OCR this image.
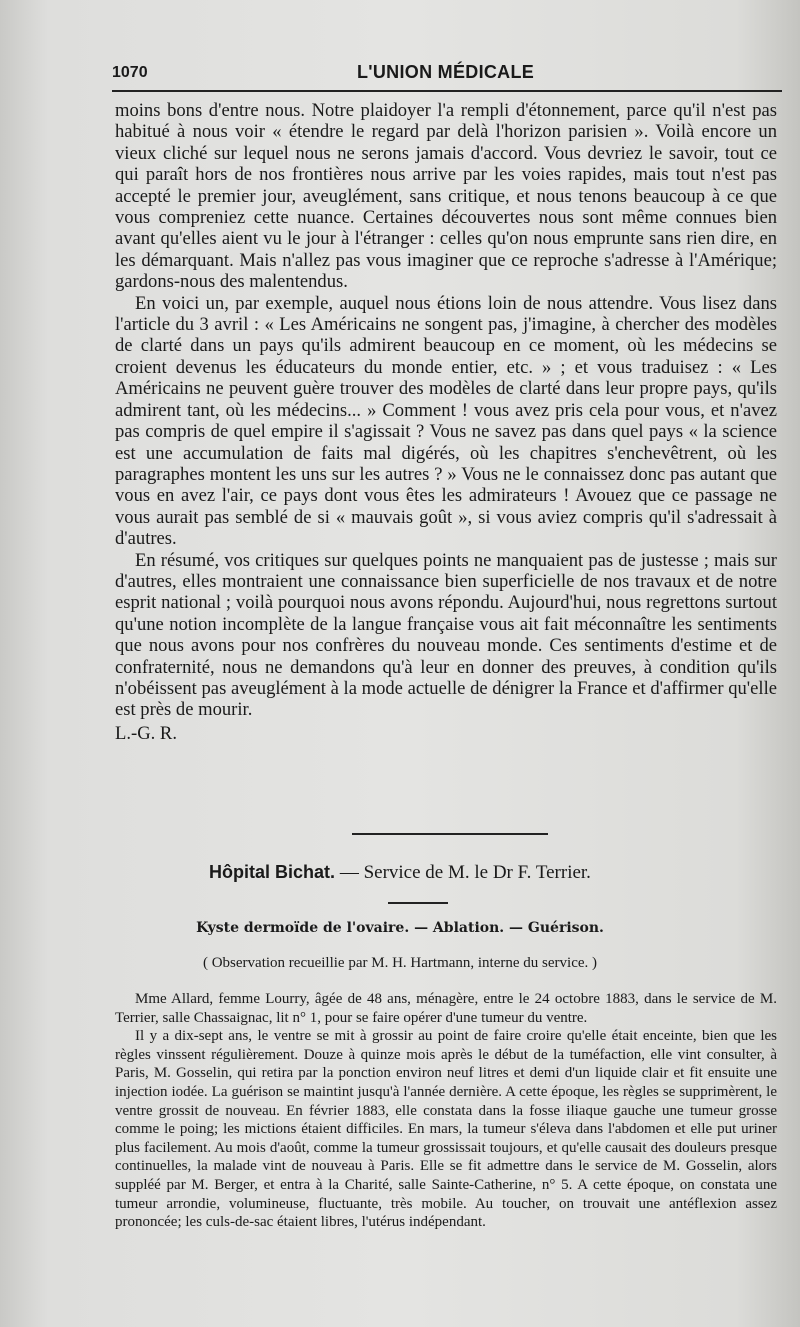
1070	L'UNION MÉDICALE

moins bons d'entre nous. Notre plaidoyer l'a rempli d'étonnement, parce qu'il n'est pas habitué à nous voir « étendre le regard par delà l'horizon parisien ». Voilà encore un vieux cliché sur lequel nous ne serons jamais d'accord. Vous devriez le savoir, tout ce qui paraît hors de nos frontières nous arrive par les voies rapides, mais tout n'est pas accepté le premier jour, aveuglément, sans critique, et nous tenons beaucoup à ce que vous compreniez cette nuance. Certaines découvertes nous sont même connues bien avant qu'elles aient vu le jour à l'étranger : celles qu'on nous emprunte sans rien dire, en les démarquant. Mais n'allez pas vous imaginer que ce reproche s'adresse à l'Amérique; gardons-nous des malentendus.

En voici un, par exemple, auquel nous étions loin de nous attendre. Vous lisez dans l'article du 3 avril : « Les Américains ne songent pas, j'imagine, à chercher des modèles de clarté dans un pays qu'ils admirent beaucoup en ce moment, où les médecins se croient devenus les éducateurs du monde entier, etc. » ; et vous traduisez : « Les Américains ne peuvent guère trouver des modèles de clarté dans leur propre pays, qu'ils admirent tant, où les médecins... » Comment ! vous avez pris cela pour vous, et n'avez pas compris de quel empire il s'agissait ? Vous ne savez pas dans quel pays « la science est une accumulation de faits mal digérés, où les chapitres s'enchevêtrent, où les paragraphes montent les uns sur les autres ? » Vous ne le connaissez donc pas autant que vous en avez l'air, ce pays dont vous êtes les admirateurs ! Avouez que ce passage ne vous aurait pas semblé de si « mauvais goût », si vous aviez compris qu'il s'adressait à d'autres.

En résumé, vos critiques sur quelques points ne manquaient pas de justesse ; mais sur d'autres, elles montraient une connaissance bien superficielle de nos travaux et de notre esprit national ; voilà pourquoi nous avons répondu. Aujourd'hui, nous regrettons surtout qu'une notion incomplète de la langue française vous ait fait méconnaître les sentiments que nous avons pour nos confrères du nouveau monde. Ces sentiments d'estime et de confraternité, nous ne demandons qu'à leur en donner des preuves, à condition qu'ils n'obéissent pas aveuglément à la mode actuelle de dénigrer la France et d'affirmer qu'elle est près de mourir.

L.-G. R.

Hôpital Bichat. — Service de M. le Dr F. Terrier.
Kyste dermoïde de l'ovaire. — Ablation. — Guérison.
( Observation recueillie par M. H. Hartmann, interne du service. )

Mme Allard, femme Lourry, âgée de 48 ans, ménagère, entre le 24 octobre 1883, dans le service de M. Terrier, salle Chassaignac, lit n° 1, pour se faire opérer d'une tumeur du ventre.

Il y a dix-sept ans, le ventre se mit à grossir au point de faire croire qu'elle était enceinte, bien que les règles vinssent régulièrement. Douze à quinze mois après le début de la tuméfaction, elle vint consulter, à Paris, M. Gosselin, qui retira par la ponction environ neuf litres et demi d'un liquide clair et fit ensuite une injection iodée. La guérison se maintint jusqu'à l'année dernière. A cette époque, les règles se supprimèrent, le ventre grossit de nouveau. En février 1883, elle constata dans la fosse iliaque gauche une tumeur grosse comme le poing; les mictions étaient difficiles. En mars, la tumeur s'éleva dans l'abdomen et elle put uriner plus facilement. Au mois d'août, comme la tumeur grossissait toujours, et qu'elle causait des douleurs presque continuelles, la malade vint de nouveau à Paris. Elle se fit admettre dans le service de M. Gosselin, alors suppléé par M. Berger, et entra à la Charité, salle Sainte-Catherine, n° 5. A cette époque, on constata une tumeur arrondie, volumineuse, fluctuante, très mobile. Au toucher, on trouvait une antéflexion assez prononcée; les culs-de-sac étaient libres, l'utérus indépendant.
